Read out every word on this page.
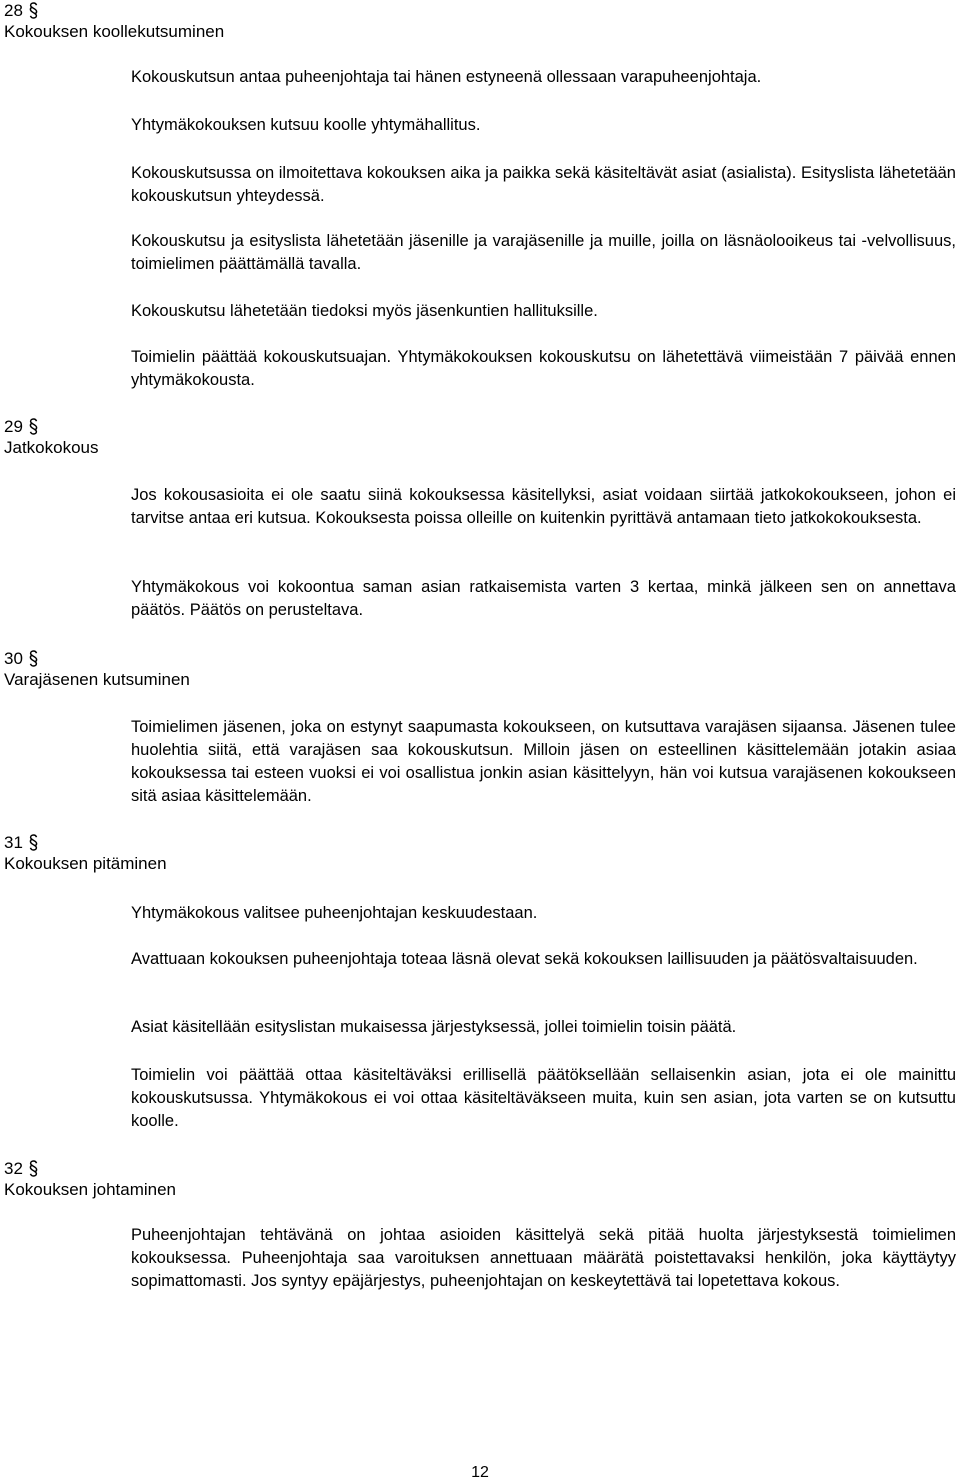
28
Kokouksen koollekutsuminen

Kokouskutsun antaa puheenjohtaja tai hänen estyneenä ollessaan varapuheenjohtaja.

Yhtymäkokouksen kutsuu koolle yhtymähallitus.

Kokouskutsussa on ilmoitettava kokouksen aika ja paikka sekä käsiteltävät asiat (asialista). Esityslista lähetetään kokouskutsun yhteydessä.

Kokouskutsu ja esityslista lähetetään jäsenille ja varajäsenille ja muille, joilla on läsnäolooikeus tai -velvollisuus, toimielimen päättämällä tavalla.

Kokouskutsu lähetetään tiedoksi myös jäsenkuntien hallituksille.

Toimielin päättää kokouskutsuajan. Yhtymäkokouksen kokouskutsu on lähetettävä viimeistään 7 päivää ennen yhtymäkokousta.

29
Jatkokokous

Jos kokousasioita ei ole saatu siinä kokouksessa käsitellyksi, asiat voidaan siirtää jatkokokoukseen, johon ei tarvitse antaa eri kutsua. Kokouksesta poissa olleille on kuitenkin pyrittävä antamaan tieto jatkokokouksesta.

Yhtymäkokous voi kokoontua saman asian ratkaisemista varten 3 kertaa, minkä jälkeen sen on annettava päätös. Päätös on perusteltava.

30
Varajäsenen kutsuminen

Toimielimen jäsenen, joka on estynyt saapumasta kokoukseen, on kutsuttava varajäsen sijaansa. Jäsenen tulee huolehtia siitä, että varajäsen saa kokouskutsun. Milloin jäsen on esteellinen käsittelemään jotakin asiaa kokouksessa tai esteen vuoksi ei voi osallistua jonkin asian käsittelyyn, hän voi kutsua varajäsenen kokoukseen sitä asiaa käsittelemään.

31
Kokouksen pitäminen

Yhtymäkokous valitsee puheenjohtajan keskuudestaan.

Avattuaan kokouksen puheenjohtaja toteaa läsnä olevat sekä kokouksen laillisuuden ja päätösvaltaisuuden.

Asiat käsitellään esityslistan mukaisessa järjestyksessä, jollei toimielin toisin päätä.

Toimielin voi päättää ottaa käsiteltäväksi erillisellä päätöksellään sellaisenkin asian, jota ei ole mainittu kokouskutsussa. Yhtymäkokous ei voi ottaa käsiteltäväkseen muita, kuin sen asian, jota varten se on kutsuttu koolle.

32
Kokouksen johtaminen

Puheenjohtajan tehtävänä on johtaa asioiden käsittelyä sekä pitää huolta järjestyksestä toimielimen kokouksessa. Puheenjohtaja saa varoituksen annettuaan määrätä poistettavaksi henkilön, joka käyttäytyy sopimattomasti. Jos syntyy epäjärjestys, puheenjohtajan on keskeytettävä tai lopetettava kokous.

12
